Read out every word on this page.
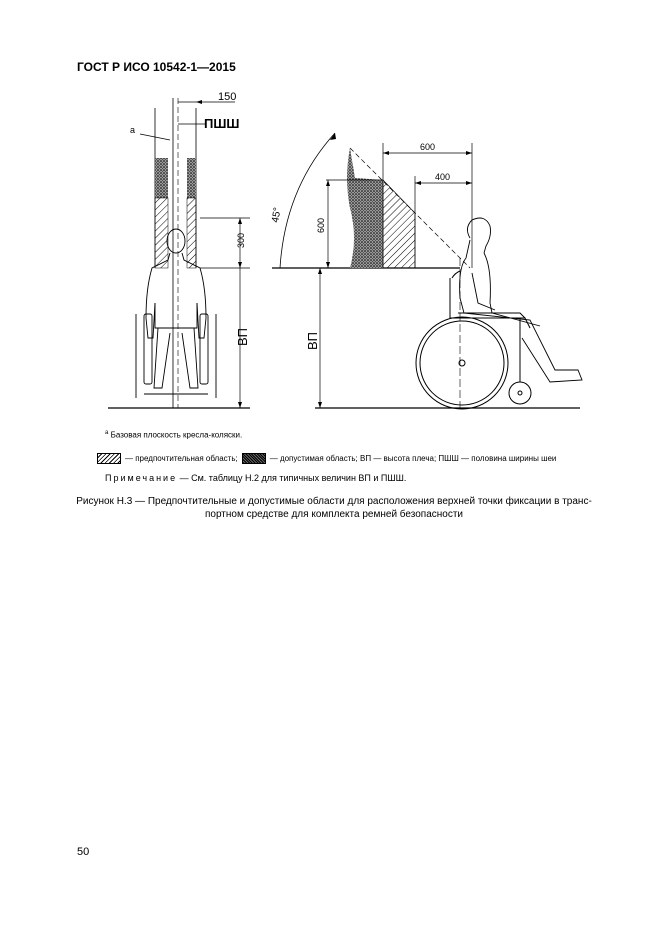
ГОСТ Р ИСО 10542-1—2015
150
ПШШ
a
300
ВП
45°
600
400
600
ВП
$^a$ Базовая плоскость кресла-коляски.
— предпочтительная область;	— допустимая область; ВП — высота плеча; ПШШ — половина ширины шеи
Примечание — См. таблицу Н.2 для типичных величин ВП и ПШШ.
Рисунок Н.3 — Предпочтительные и допустимые области для расположения верхней точки фиксации в транс-портном средстве для комплекта ремней безопасности
50
